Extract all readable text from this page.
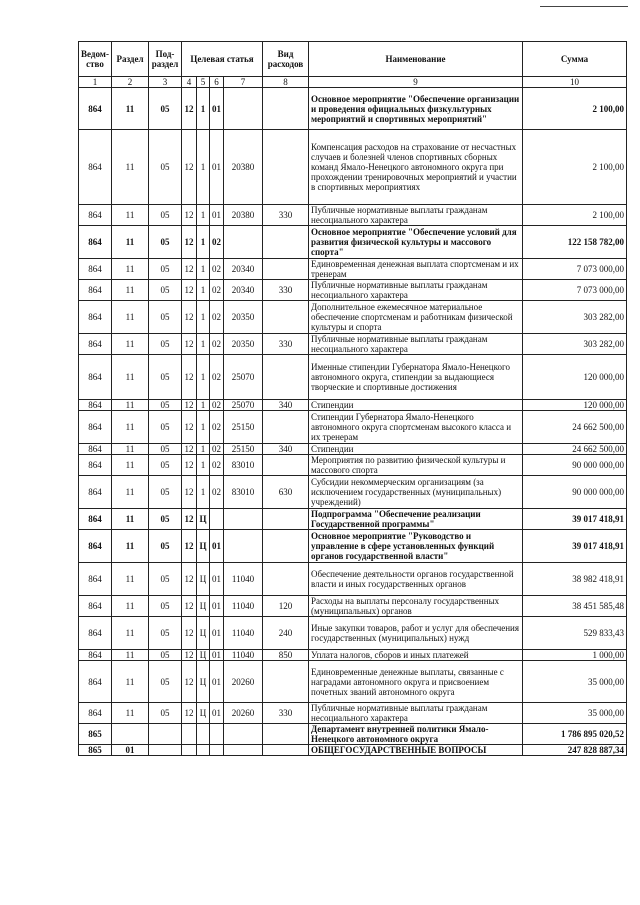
Ведом-ство	Раздел	Под-раздел	Целевая статья				Вид расходов	Наименование	Сумма
1	2	3	4	5	6	7	8	9	10
864	11	05	12	1	01			Основное мероприятие "Обеспечение организации и проведения официальных физкультурных мероприятий и спортивных мероприятий"	2 100,00
864	11	05	12	1	01	20380		Компенсация расходов на страхование от несчастных случаев и болезней членов спортивных сборных команд Ямало-Ненецкого автономного округа при прохождении тренировочных мероприятий и участии в спортивных мероприятиях	2 100,00
864	11	05	12	1	01	20380	330	Публичные нормативные выплаты гражданам несоциального характера	2 100,00
864	11	05	12	1	02			Основное мероприятие "Обеспечение условий для развития физической культуры и массового спорта"	122 158 782,00
864	11	05	12	1	02	20340		Единовременная денежная выплата спортсменам и их тренерам	7 073 000,00
864	11	05	12	1	02	20340	330	Публичные нормативные выплаты гражданам несоциального характера	7 073 000,00
864	11	05	12	1	02	20350		Дополнительное ежемесячное материальное обеспечение спортсменам и работникам физической культуры и спорта	303 282,00
864	11	05	12	1	02	20350	330	Публичные нормативные выплаты гражданам несоциального характера	303 282,00
864	11	05	12	1	02	25070		Именные стипендии Губернатора Ямало-Ненецкого автономного округа, стипендии за выдающиеся творческие и спортивные достижения	120 000,00
864	11	05	12	1	02	25070	340	Стипендии	120 000,00
864	11	05	12	1	02	25150		Стипендии Губернатора Ямало-Ненецкого автономного округа спортсменам высокого класса и их тренерам	24 662 500,00
864	11	05	12	1	02	25150	340	Стипендии	24 662 500,00
864	11	05	12	1	02	83010		Мероприятия по развитию физической культуры и массового спорта	90 000 000,00
864	11	05	12	1	02	83010	630	Субсидии некоммерческим организациям (за исключением государственных (муниципальных) учреждений)	90 000 000,00
864	11	05	12	Ц				Подпрограмма "Обеспечение реализации Государственной программы"	39 017 418,91
864	11	05	12	Ц	01			Основное мероприятие "Руководство и управление в сфере установленных функций органов государственной власти"	39 017 418,91
864	11	05	12	Ц	01	11040		Обеспечение деятельности органов государственной власти и иных государственных органов	38 982 418,91
864	11	05	12	Ц	01	11040	120	Расходы на выплаты персоналу государственных (муниципальных) органов	38 451 585,48
864	11	05	12	Ц	01	11040	240	Иные закупки товаров, работ и услуг для обеспечения государственных (муниципальных) нужд	529 833,43
864	11	05	12	Ц	01	11040	850	Уплата налогов, сборов и иных платежей	1 000,00
864	11	05	12	Ц	01	20260		Единовременные денежные выплаты, связанные с наградами автономного округа и присвоением почетных званий автономного округа	35 000,00
864	11	05	12	Ц	01	20260	330	Публичные нормативные выплаты гражданам несоциального характера	35 000,00
865								Департамент внутренней политики Ямало-Ненецкого автономного округа	1 786 895 020,52
865	01							ОБЩЕГОСУДАРСТВЕННЫЕ ВОПРОСЫ	247 828 887,34
